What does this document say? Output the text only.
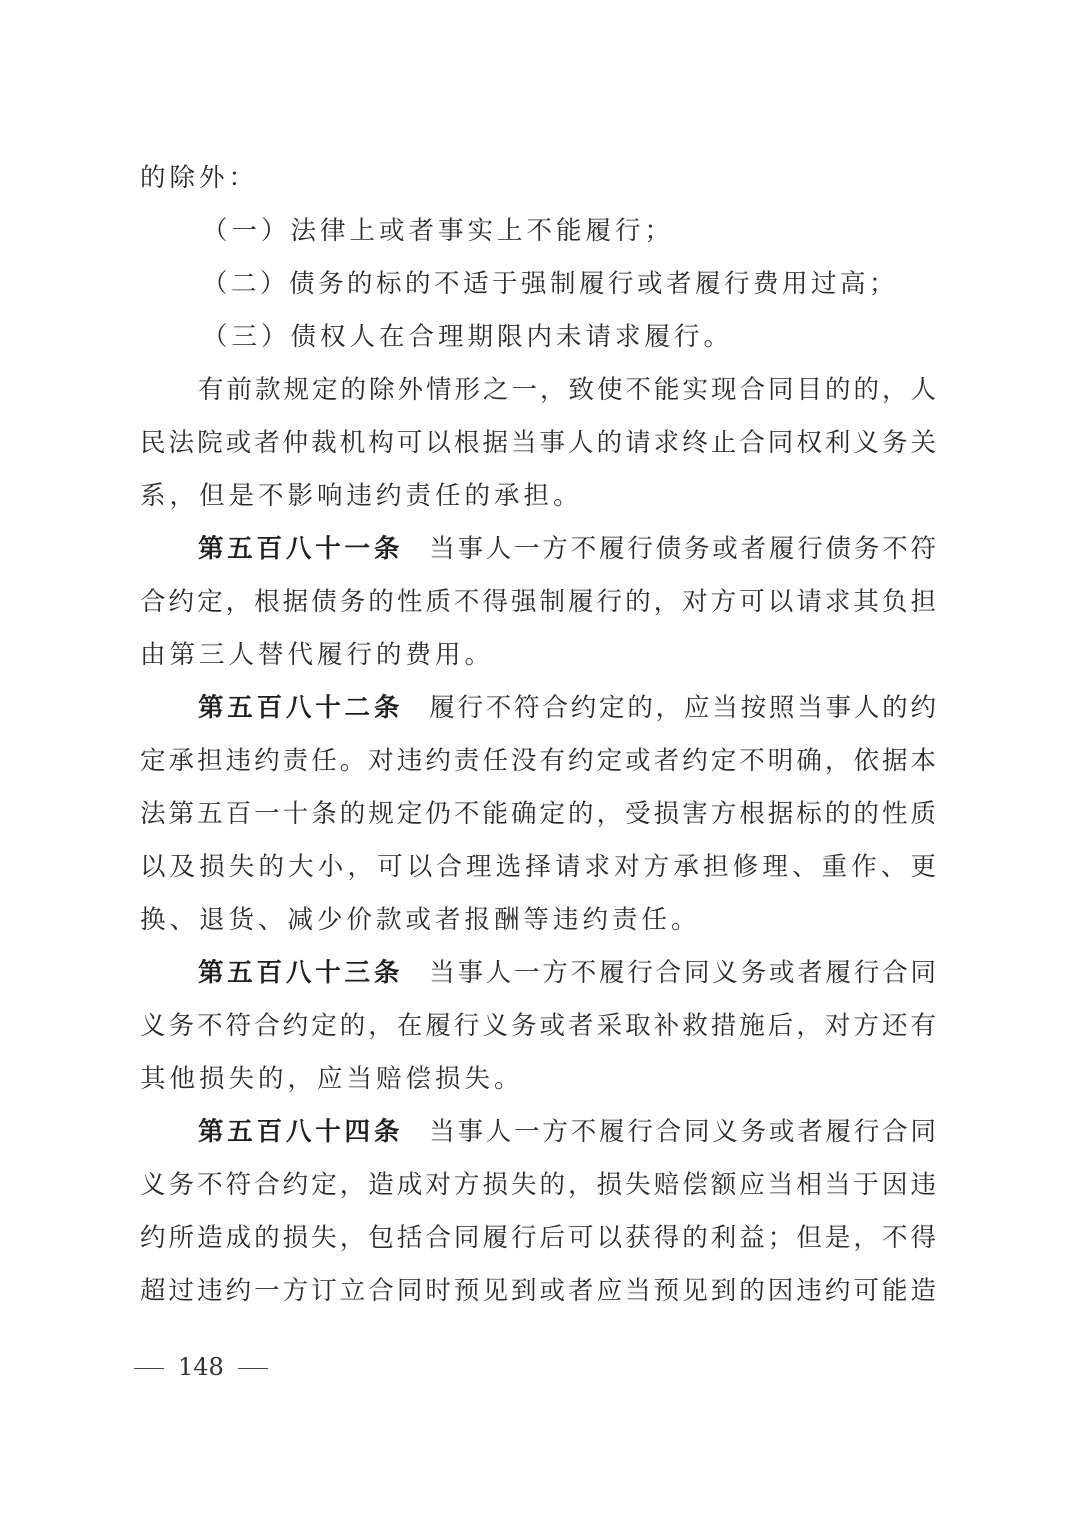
的除外：
（一）法律上或者事实上不能履行；
（二）债务的标的不适于强制履行或者履行费用过高；
（三）债权人在合理期限内未请求履行。
有前款规定的除外情形之一，致使不能实现合同目的的，人
民法院或者仲裁机构可以根据当事人的请求终止合同权利义务关
系，但是不影响违约责任的承担。
第五百八十一条 当事人一方不履行债务或者履行债务不符
合约定，根据债务的性质不得强制履行的，对方可以请求其负担
由第三人替代履行的费用。
第五百八十二条 履行不符合约定的，应当按照当事人的约
定承担违约责任。对违约责任没有约定或者约定不明确，依据本
法第五百一十条的规定仍不能确定的，受损害方根据标的的性质
以及损失的大小，可以合理选择请求对方承担修理、重作、更
换、退货、减少价款或者报酬等违约责任。
第五百八十三条 当事人一方不履行合同义务或者履行合同
义务不符合约定的，在履行义务或者采取补救措施后，对方还有
其他损失的，应当赔偿损失。
第五百八十四条 当事人一方不履行合同义务或者履行合同
义务不符合约定，造成对方损失的，损失赔偿额应当相当于因违
约所造成的损失，包括合同履行后可以获得的利益；但是，不得
超过违约一方订立合同时预见到或者应当预见到的因违约可能造
148
